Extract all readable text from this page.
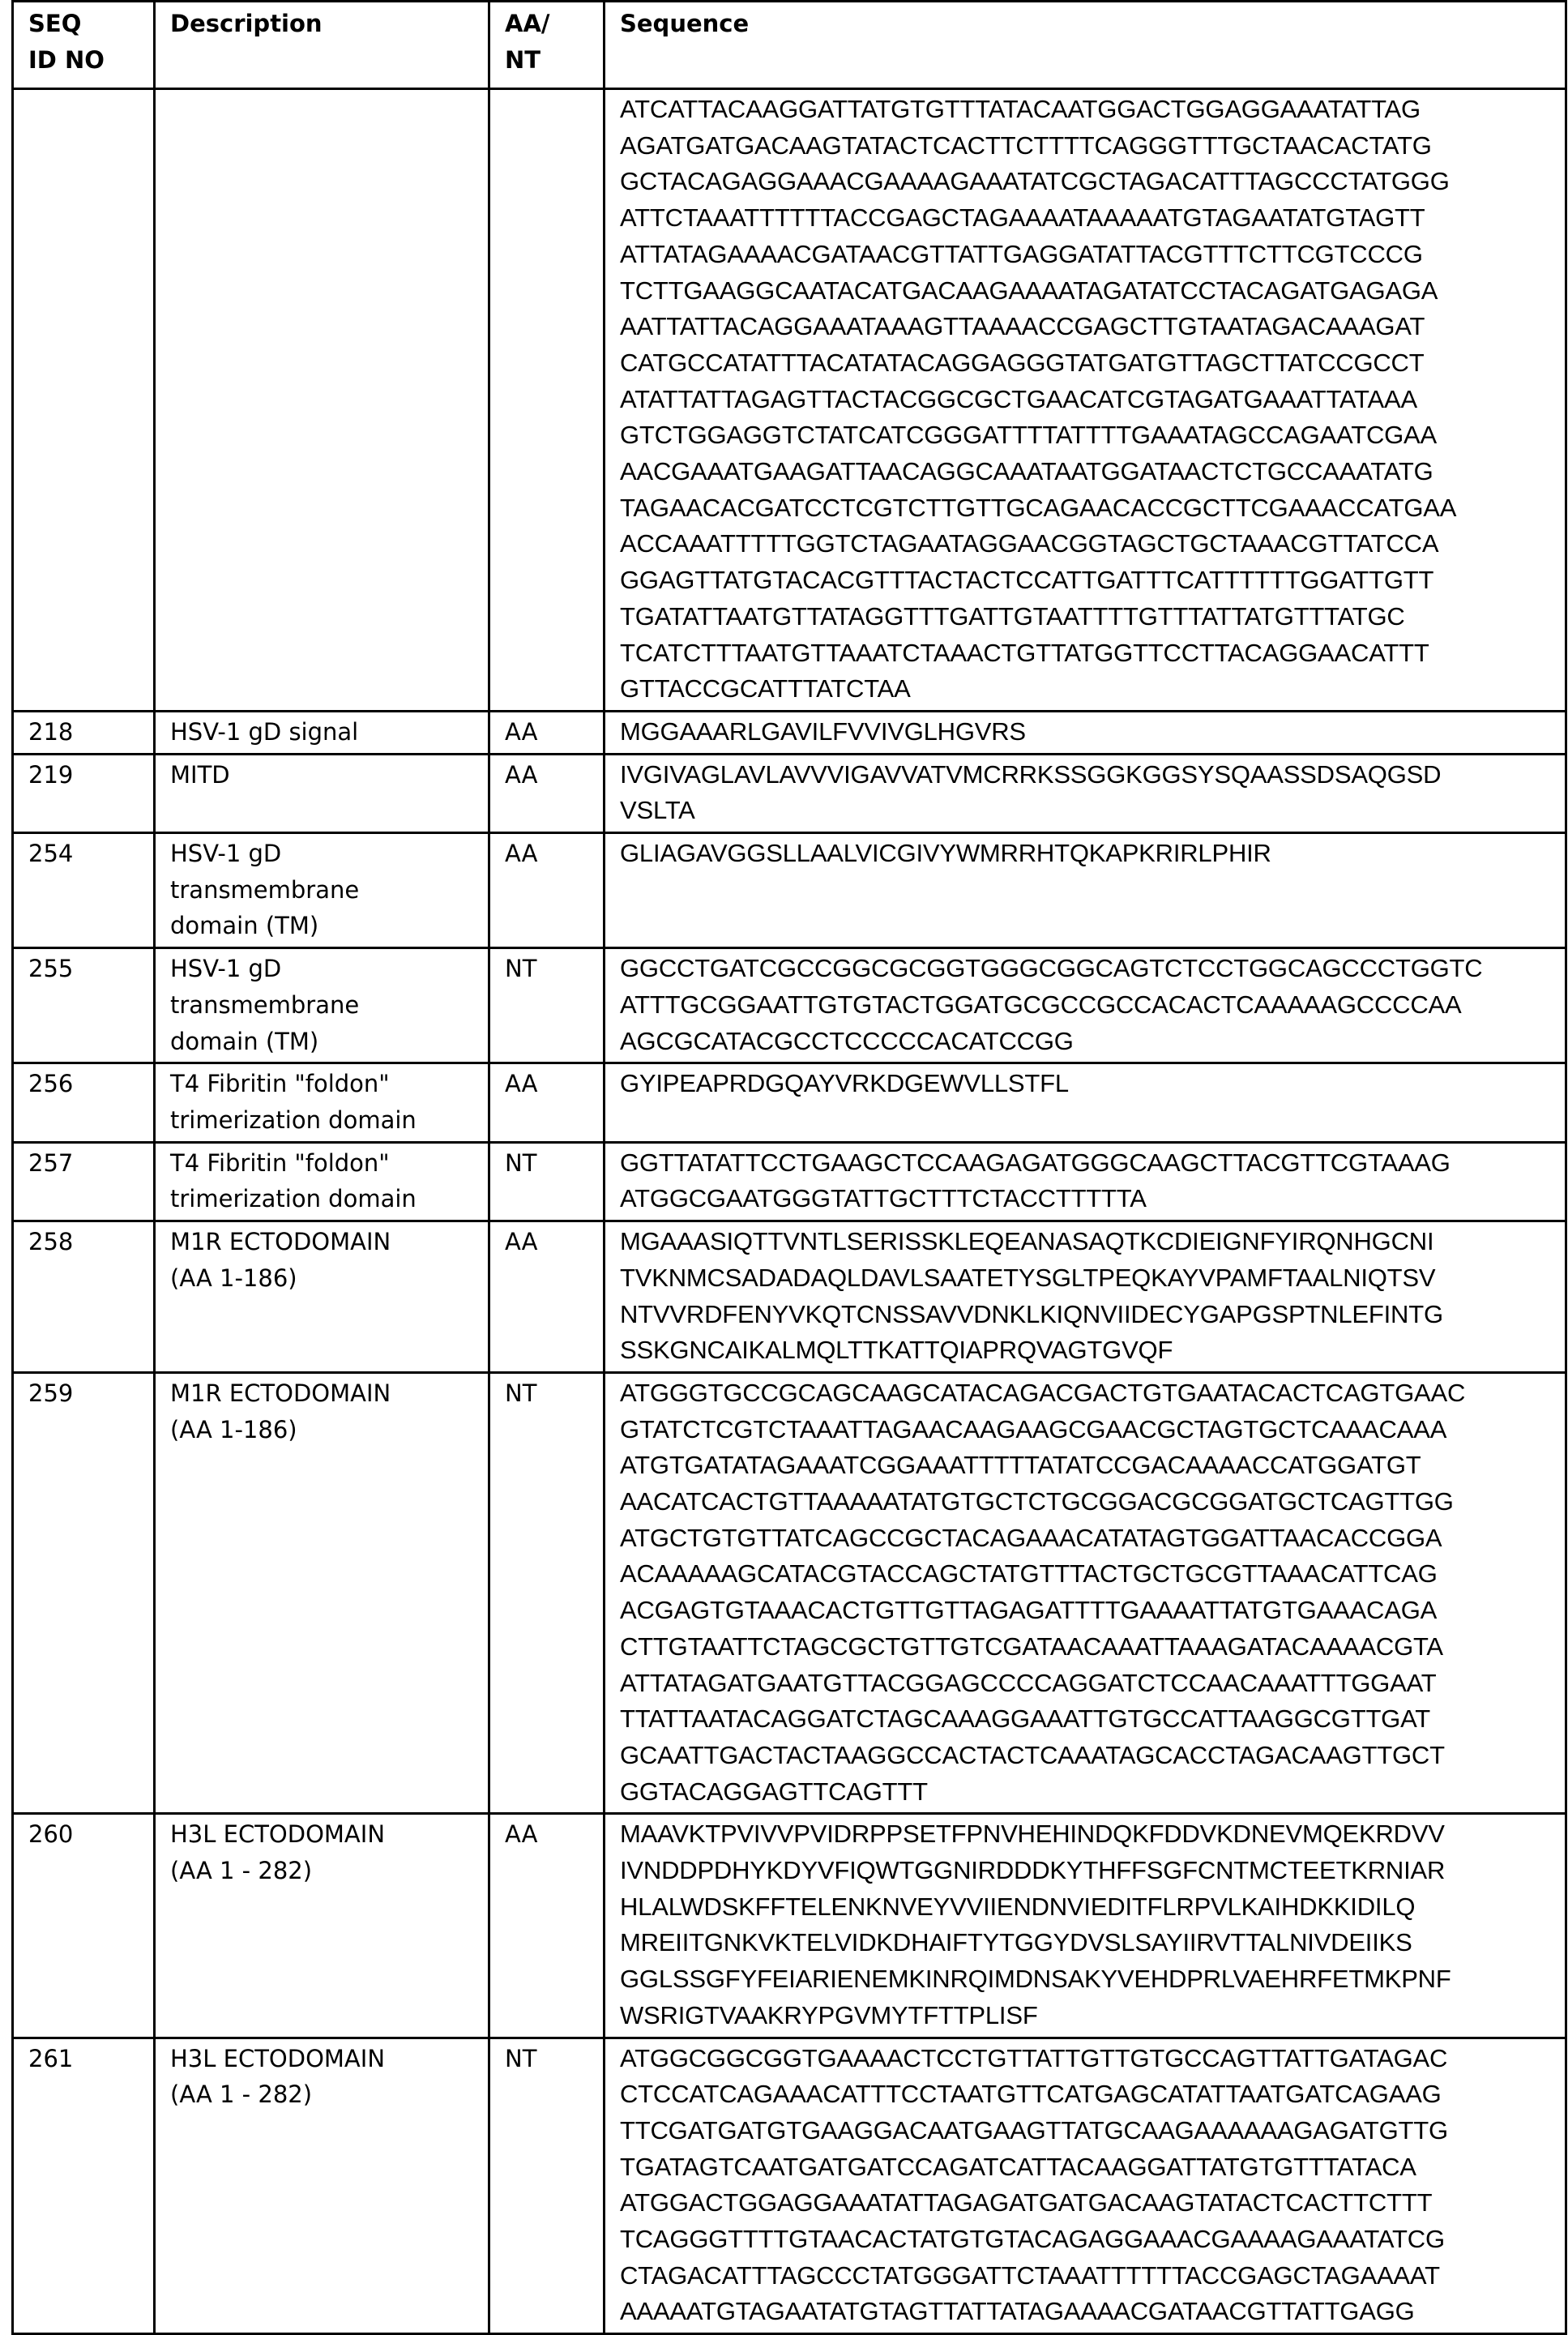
SEQ
ID NO	Description	AA/
NT	Sequence
			ATCATTACAAGGATTATGTGTTTATACAATGGACTGGAGGAAATATTAG
AGATGATGACAAGTATACTCACTTCTTTTCAGGGTTTGCTAACACTATG
GCTACAGAGGAAACGAAAAGAAATATCGCTAGACATTTAGCCCTATGGG
ATTCTAAATTTTTTACCGAGCTAGAAAATAAAAATGTAGAATATGTAGTT
ATTATAGAAAACGATAACGTTATTGAGGATATTACGTTTCTTCGTCCCG
TCTTGAAGGCAATACATGACAAGAAAATAGATATCCTACAGATGAGAGA
AATTATTACAGGAAATAAAGTTAAAACCGAGCTTGTAATAGACAAAGAT
CATGCCATATTTACATATACAGGAGGGTATGATGTTAGCTTATCCGCCT
ATATTATTAGAGTTACTACGGCGCTGAACATCGTAGATGAAATTATAAA
GTCTGGAGGTCTATCATCGGGATTTTATTTTGAAATAGCCAGAATCGAA
AACGAAATGAAGATTAACAGGCAAATAATGGATAACTCTGCCAAATATG
TAGAACACGATCCTCGTCTTGTTGCAGAACACCGCTTCGAAACCATGAA
ACCAAATTTTTGGTCTAGAATAGGAACGGTAGCTGCTAAACGTTATCCA
GGAGTTATGTACACGTTTACTACTCCATTGATTTCATTTTTTGGATTGTT
TGATATTAATGTTATAGGTTTGATTGTAATTTTGTTTATTATGTTTATGC
TCATCTTTAATGTTAAATCTAAACTGTTATGGTTCCTTACAGGAACATTT
GTTACCGCATTTATCTAA
218	HSV-1 gD signal	AA	MGGAAARLGAVILFVVIVGLHGVRS
219	MITD	AA	IVGIVAGLAVLAVVVIGAVVATVMCRRKSSGGKGGSYSQAASSDSAQGSD
VSLTA
254	HSV-1 gD
transmembrane
domain (TM)	AA	GLIAGAVGGSLLAALVICGIVYWMRRHTQKAPKRIRLPHIR
255	HSV-1 gD
transmembrane
domain (TM)	NT	GGCCTGATCGCCGGCGCGGTGGGCGGCAGTCTCCTGGCAGCCCTGGTC
ATTTGCGGAATTGTGTACTGGATGCGCCGCCACACTCAAAAAGCCCCAA
AGCGCATACGCCTCCCCCACATCCGG
256	T4 Fibritin "foldon"
trimerization domain	AA	GYIPEAPRDGQAYVRKDGEWVLLSTFL
257	T4 Fibritin "foldon"
trimerization domain	NT	GGTTATATTCCTGAAGCTCCAAGAGATGGGCAAGCTTACGTTCGTAAAG
ATGGCGAATGGGTATTGCTTTCTACCTTTTTA
258	M1R ECTODOMAIN
(AA 1-186)	AA	MGAAASIQTTVNTLSERISSKLEQEANASAQTKCDIEIGNFYIRQNHGCNI
TVKNMCSADADAQLDAVLSAATETYSGLTPEQKAYVPAMFTAALNIQTSV
NTVVRDFENYVKQTCNSSAVVDNKLKIQNVIIDECYGAPGSPTNLEFINTG
SSKGNCAIKALMQLTTKATTQIAPRQVAGTGVQF
259	M1R ECTODOMAIN
(AA 1-186)	NT	ATGGGTGCCGCAGCAAGCATACAGACGACTGTGAATACACTCAGTGAAC
GTATCTCGTCTAAATTAGAACAAGAAGCGAACGCTAGTGCTCAAACAAA
ATGTGATATAGAAATCGGAAATTTTTATATCCGACAAAACCATGGATGT
AACATCACTGTTAAAAATATGTGCTCTGCGGACGCGGATGCTCAGTTGG
ATGCTGTGTTATCAGCCGCTACAGAAACATATAGTGGATTAACACCGGA
ACAAAAAGCATACGTACCAGCTATGTTTACTGCTGCGTTAAACATTCAG
ACGAGTGTAAACACTGTTGTTAGAGATTTTGAAAATTATGTGAAACAGA
CTTGTAATTCTAGCGCTGTTGTCGATAACAAATTAAAGATACAAAACGTA
ATTATAGATGAATGTTACGGAGCCCCAGGATCTCCAACAAATTTGGAAT
TTATTAATACAGGATCTAGCAAAGGAAATTGTGCCATTAAGGCGTTGAT
GCAATTGACTACTAAGGCCACTACTCAAATAGCACCTAGACAAGTTGCT
GGTACAGGAGTTCAGTTT
260	H3L ECTODOMAIN
(AA 1 - 282)	AA	MAAVKTPVIVVPVIDRPPSETFPNVHEHINDQKFDDVKDNEVMQEKRDVV
IVNDDPDHYKDYVFIQWTGGNIRDDDKYTHFFSGFCNTMCTEETKRNIAR
HLALWDSKFFTELENKNVEYVVIIENDNVIEDITFLRPVLKAIHDKKIDILQ
MREIITGNKVKTELVIDKDHAIFTYTGGYDVSLSAYIIRVTTALNIVDEIIKS
GGLSSGFYFEIARIENEMKINRQIMDNSAKYVEHDPRLVAEHRFETMKPNF
WSRIGTVAAKRYPGVMYTFTTPLISF
261	H3L ECTODOMAIN
(AA 1 - 282)	NT	ATGGCGGCGGTGAAAACTCCTGTTATTGTTGTGCCAGTTATTGATAGAC
CTCCATCAGAAACATTTCCTAATGTTCATGAGCATATTAATGATCAGAAG
TTCGATGATGTGAAGGACAATGAAGTTATGCAAGAAAAAAGAGATGTTG
TGATAGTCAATGATGATCCAGATCATTACAAGGATTATGTGTTTATACA
ATGGACTGGAGGAAATATTAGAGATGATGACAAGTATACTCACTTCTTT
TCAGGGTTTTGTAACACTATGTGTACAGAGGAAACGAAAAGAAATATCG
CTAGACATTTAGCCCTATGGGATTCTAAATTTTTTACCGAGCTAGAAAAT
AAAAATGTAGAATATGTAGTTATTATAGAAAACGATAACGTTATTGAGG
